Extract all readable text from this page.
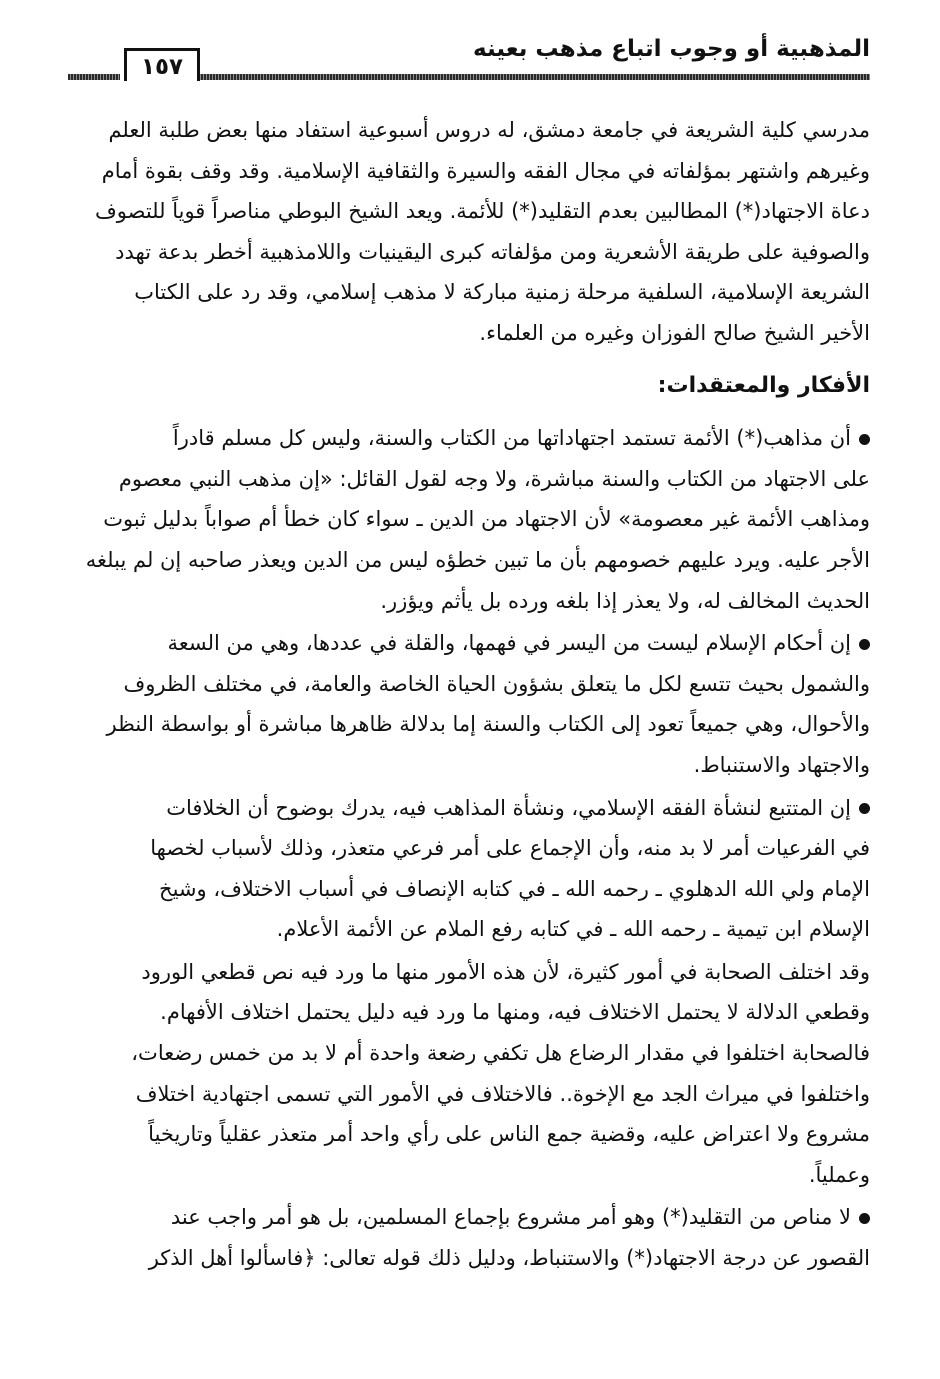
المذهبية أو وجوب اتباع مذهب بعينه
١٥٧
مدرسي كلية الشريعة في جامعة دمشق، له دروس أسبوعية استفاد منها بعض طلبة العلم
وغيرهم واشتهر بمؤلفاته في مجال الفقه والسيرة والثقافية الإسلامية. وقد وقف بقوة أمام
دعاة الاجتهاد(*) المطالبين بعدم التقليد(*) للأئمة. ويعد الشيخ البوطي مناصراً قوياً للتصوف
والصوفية على طريقة الأشعرية ومن مؤلفاته كبرى اليقينيات واللامذهبية أخطر بدعة تهدد
الشريعة الإسلامية، السلفية مرحلة زمنية مباركة لا مذهب إسلامي، وقد رد على الكتاب
الأخير الشيخ صالح الفوزان وغيره من العلماء.
الأفكار والمعتقدات:
أن مذاهب(*) الأئمة تستمد اجتهاداتها من الكتاب والسنة، وليس كل مسلم قادراً
على الاجتهاد من الكتاب والسنة مباشرة، ولا وجه لقول القائل: «إن مذهب النبي معصوم
ومذاهب الأئمة غير معصومة» لأن الاجتهاد من الدين ـ سواء كان خطأ أم صواباً بدليل ثبوت
الأجر عليه. ويرد عليهم خصومهم بأن ما تبين خطؤه ليس من الدين ويعذر صاحبه إن لم يبلغه
الحديث المخالف له، ولا يعذر إذا بلغه ورده بل يأثم ويؤزر.
إن أحكام الإسلام ليست من اليسر في فهمها، والقلة في عددها، وهي من السعة
والشمول بحيث تتسع لكل ما يتعلق بشؤون الحياة الخاصة والعامة، في مختلف الظروف
والأحوال، وهي جميعاً تعود إلى الكتاب والسنة إما بدلالة ظاهرها مباشرة أو بواسطة النظر
والاجتهاد والاستنباط.
إن المتتبع لنشأة الفقه الإسلامي، ونشأة المذاهب فيه، يدرك بوضوح أن الخلافات
في الفرعيات أمر لا بد منه، وأن الإجماع على أمر فرعي متعذر، وذلك لأسباب لخصها
الإمام ولي الله الدهلوي ـ رحمه الله ـ في كتابه الإنصاف في أسباب الاختلاف، وشيخ
الإسلام ابن تيمية ـ رحمه الله ـ في كتابه رفع الملام عن الأئمة الأعلام.
وقد اختلف الصحابة في أمور كثيرة، لأن هذه الأمور منها ما ورد فيه نص قطعي الورود
وقطعي الدلالة لا يحتمل الاختلاف فيه، ومنها ما ورد فيه دليل يحتمل اختلاف الأفهام.
فالصحابة اختلفوا في مقدار الرضاع هل تكفي رضعة واحدة أم لا بد من خمس رضعات،
واختلفوا في ميراث الجد مع الإخوة.. فالاختلاف في الأمور التي تسمى اجتهادية اختلاف
مشروع ولا اعتراض عليه، وقضية جمع الناس على رأي واحد أمر متعذر عقلياً وتاريخياً
وعملياً.
لا مناص من التقليد(*) وهو أمر مشروع بإجماع المسلمين، بل هو أمر واجب عند
القصور عن درجة الاجتهاد(*) والاستنباط، ودليل ذلك قوله تعالى: ﴿فاسألوا أهل الذكر
